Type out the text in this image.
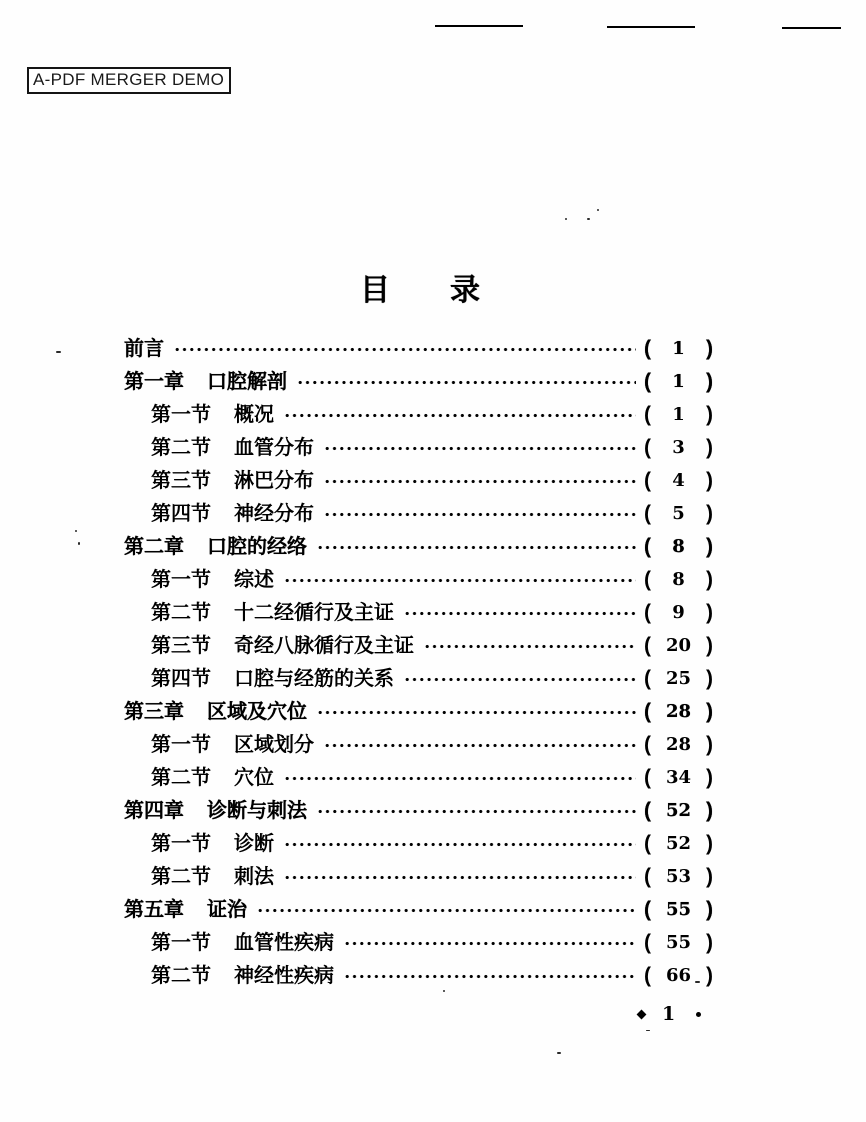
A-PDF MERGER DEMO
目 录
前言	(	1	)
第一章 口腔解剖	(	1	)
第一节 概况	(	1	)
第二节 血管分布	(	3	)
第三节 淋巴分布	(	4	)
第四节 神经分布	(	5	)
第二章 口腔的经络	(	8	)
第一节 综述	(	8	)
第二节 十二经循行及主证	(	9	)
第三节 奇经八脉循行及主证	( 20 )
第四节 口腔与经筋的关系	( 25 )
第三章 区域及穴位	( 28 )
第一节 区域划分	( 28 )
第二节 穴位	( 34 )
第四章 诊断与刺法	( 52 )
第一节 诊断	( 52 )
第二节 刺法	( 53 )
第五章 证治	( 55 )
第一节 血管性疾病	( 55 )
第二节 神经性疾病	( 66 )
1
